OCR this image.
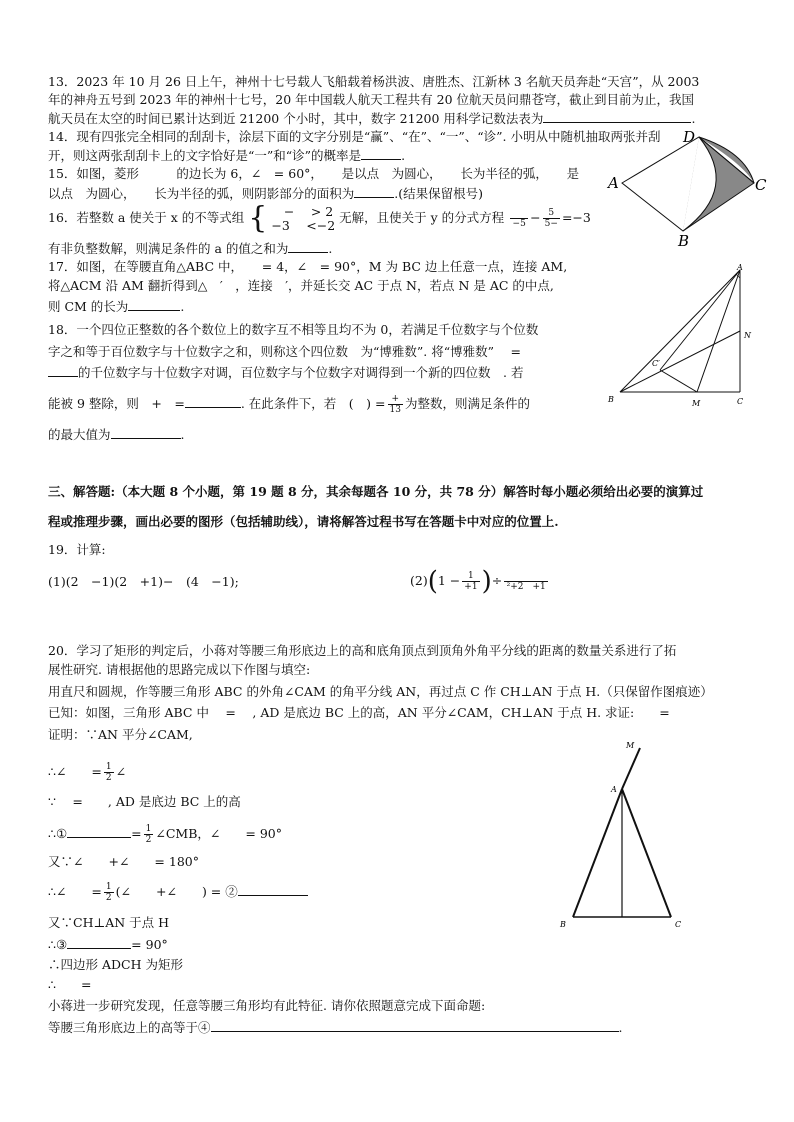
13．2023 年 10 月 26 日上午，神州十七号载人飞船载着杨洪波、唐胜杰、江新林 3 名航天员奔赴“天宫”，从 2003
年的神舟五号到 2023 年的神州十七号，20 年中国载人航天工程共有 20 位航天员问鼎苍穹，截止到目前为止，我国
航天员在太空的时间已累计达到近 21200 个小时，其中，数字 21200 用科学记数法表为	.
14．现有四张完全相同的刮刮卡，涂层下面的文字分别是“赢”、“在”、“一”、“诊”. 小明从中随机抽取两张并刮
开，则这两张刮刮卡上的文字恰好是“一”和“诊”的概率是	.
15．如图，菱形　　　的边长为 6，∠　= 60°，　　是以点　为圆心，　　长为半径的弧，　　是
以点　为圆心，　　长为半径的弧，则阴影部分的面积为	.(结果保留根号)
A
D
C
B
16．若整数 a 使关于 x 的不等式组 { 　−　 > 2
−3　 <−2 无解，且使关于 y 的分式方程 $-5 - \frac{5}{5-} =-3$
有非负整数解，则满足条件的 a 的值之和为	.
17．如图，在等腰直角△ABC 中，　　= 4，∠　= 90°，M 为 BC 边上任意一点，连接 AM,
将△ACM 沿 AM 翻折得到△　′　，连接　′，并延长交 AC 于点 N，若点 N 是 AC 的中点,
则 CM 的长为	.
A
N
C′
B	M	C
18．一个四位正整数的各个数位上的数字互不相等且均不为 0，若满足千位数字与个位数
字之和等于百位数字与十位数字之和，则称这个四位数　为“博雅数”. 将“博雅数”　 =
的千位数字与十位数字对调，百位数字与个位数字对调得到一个新的四位数　. 若
能被 9 整除，则　+　=	. 在此条件下，若　(　) = $\frac{+}{13}$ 为整数，则满足条件的
的最大值为	.
三、解答题:（本大题 8 个小题，第 19 题 8 分，其余每题各 10 分，共 78 分）解答时每小题必须给出必要的演算过
程或推理步骤，画出必要的图形（包括辅助线），请将解答过程书写在答题卡中对应的位置上.
19．计算:
(1)(2　−1)(2　+1)−　(4　−1);	$(2)(1 - \frac{1}{+1}$ )÷ ²+2　+1
20．学习了矩形的判定后，小蒋对等腰三角形底边上的高和底角顶点到顶角外角平分线的距离的数量关系进行了拓
展性研究. 请根据他的思路完成以下作图与填空:
用直尺和圆规，作等腰三角形 ABC 的外角∠CAM 的角平分线 AN，再过点 C 作 CH⊥AN 于点 H.（只保留作图痕迹）
已知：如图，三角形 ABC 中　 =　 , AD 是底边 BC 上的高，AN 平分∠CAM，CH⊥AN 于点 H. 求证:　　=
证明：∵AN 平分∠CAM,
∴∠　　= $\frac{1}{2}$ ∠
∵　 =　　, AD 是底边 BC 上的高
∴①	= $\frac{1}{2}$ ∠CMB，∠　　= 90°
又∵∠　　+∠　　= 180°
∴∠　　= $\frac{1}{2}$ (∠　　+∠　　) = ②
又∵CH⊥AN 于点 H
∴③	= 90°
∴四边形 ADCH 为矩形
∴　　=
小蒋进一步研究发现，任意等腰三角形均有此特征. 请你依照题意完成下面命题:
等腰三角形底边上的高等于④	.
M
A
B	C
